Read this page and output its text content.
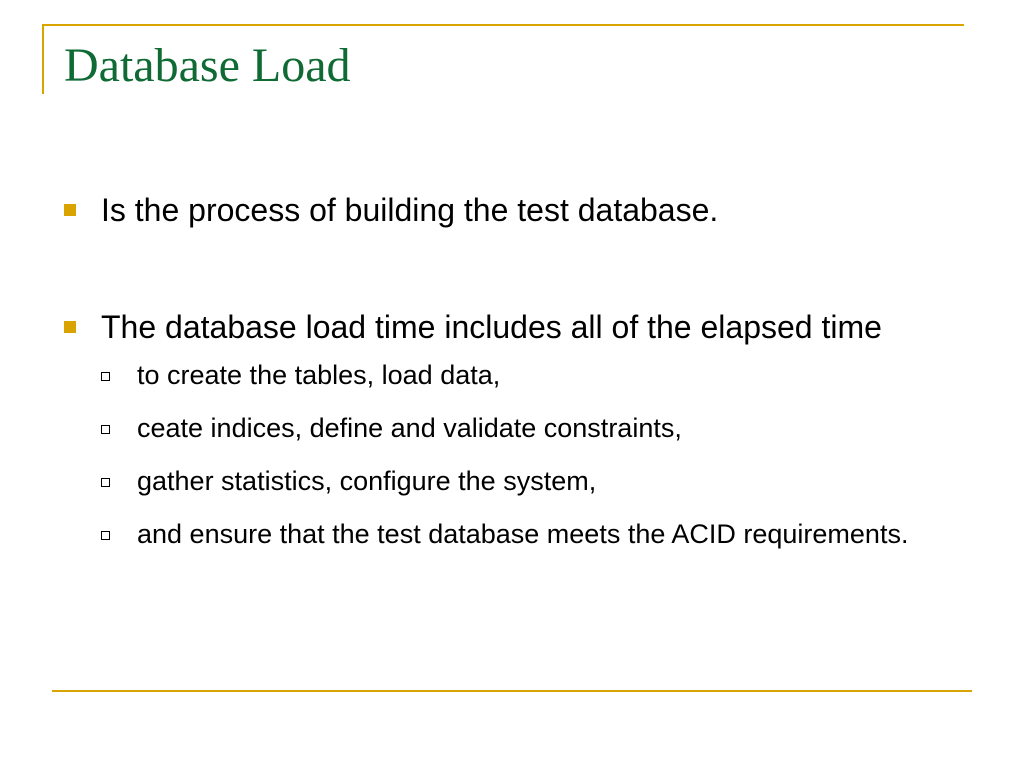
Database Load
Is the process of building the test database.
The database load time includes all of the elapsed time
to create the tables, load data,
ceate indices, define and validate constraints,
gather statistics, configure the system,
and ensure that the test database meets the ACID requirements.
